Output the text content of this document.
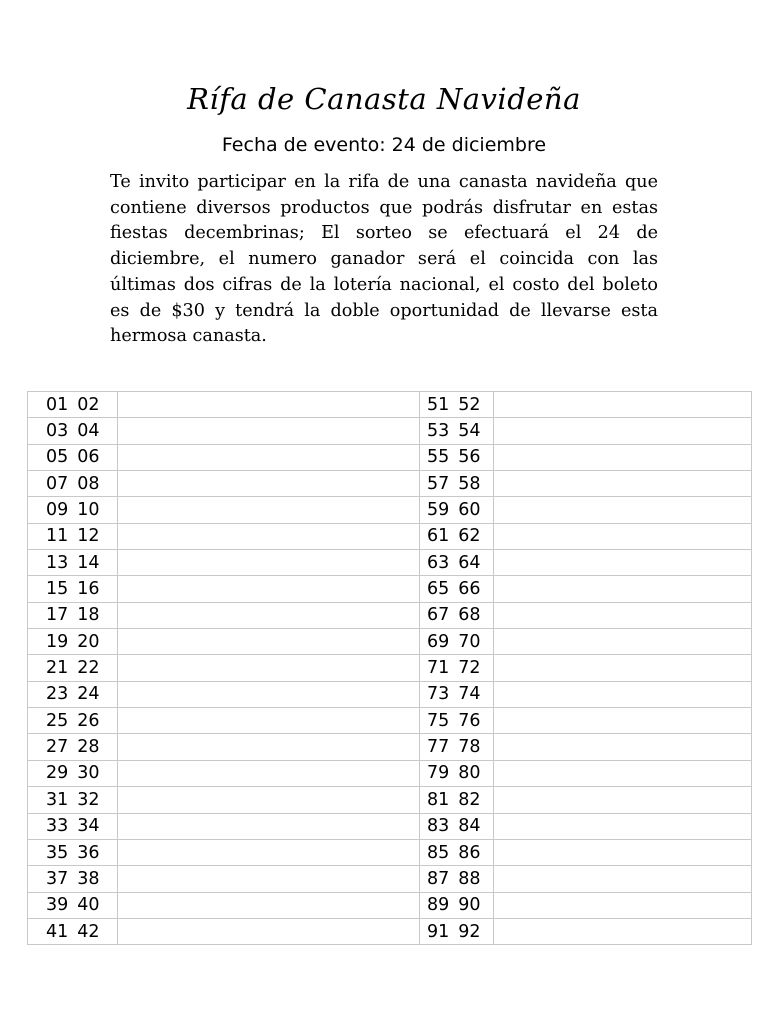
Rífa de Canasta Navideña
Fecha de evento: 24 de diciembre
Te invito participar en la rifa de una canasta navideña que contiene diversos productos que podrás disfrutar en estas fiestas decembrinas; El sorteo se efectuará el 24 de diciembre, el numero ganador será el coincida con las últimas dos cifras de la lotería nacional, el costo del boleto es de $30 y tendrá la doble oportunidad de llevarse esta hermosa canasta.
01 02		51 52	
03 04		53 54	
05 06		55 56	
07 08		57 58	
09 10		59 60	
11 12		61 62	
13 14		63 64	
15 16		65 66	
17 18		67 68	
19 20		69 70	
21 22		71 72	
23 24		73 74	
25 26		75 76	
27 28		77 78	
29 30		79 80	
31 32		81 82	
33 34		83 84	
35 36		85 86	
37 38		87 88	
39 40		89 90	
41 42		91 92	
